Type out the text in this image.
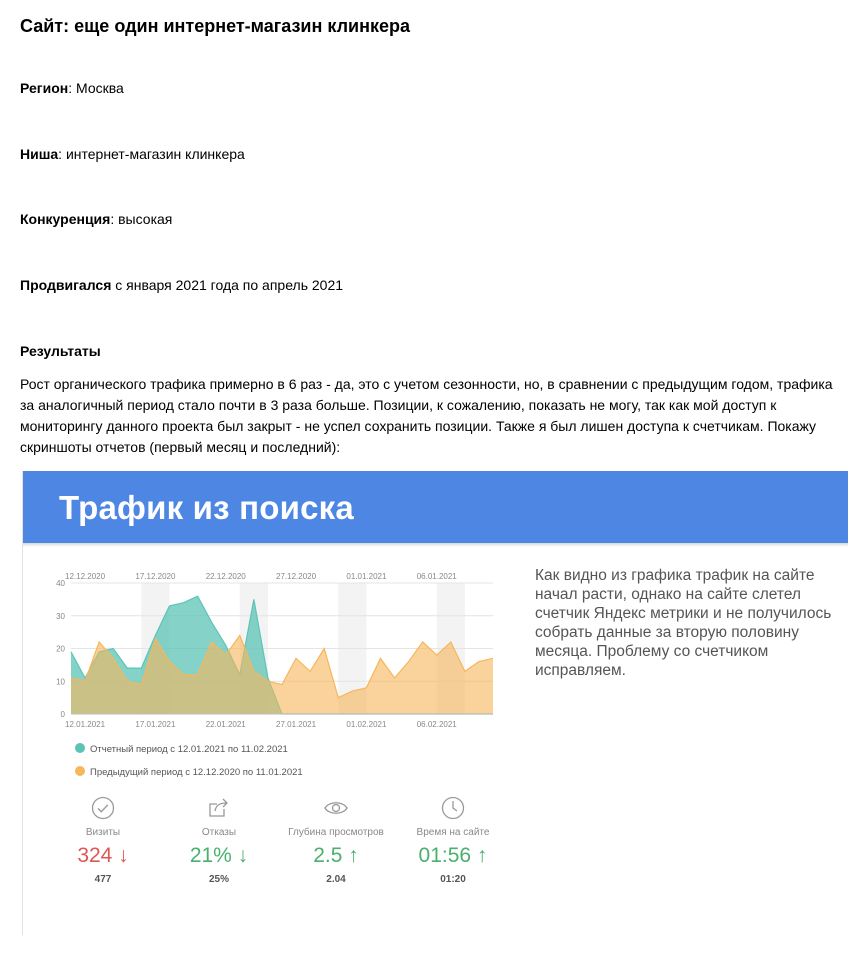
Сайт: еще один интернет-магазин клинкера
Регион: Москва
Ниша: интернет-магазин клинкера
Конкуренция: высокая
Продвигался с января 2021 года по апрель 2021
Результаты
Рост органического трафика примерно в 6 раз - да, это с учетом сезонности, но, в сравнении с предыдущим годом, трафика за аналогичный период стало почти в 3 раза больше. Позиции, к сожалению, показать не могу, так как мой доступ к мониторингу данного проекта был закрыт - не успел сохранить позиции. Также я был лишен доступа к счетчикам. Покажу скриншоты отчетов (первый месяц и последний):
Трафик из поиска
Как видно из графика трафик на сайте начал расти, однако на сайте слетел счетчик Яндекс метрики и не получилось собрать данные за вторую половину месяца. Проблему со счетчиком исправляем.
0
10
20
30
40
12.12.2020	17.12.2020	22.12.2020	27.12.2020	01.01.2021	06.01.2021
12.01.2021	17.01.2021	22.01.2021	27.01.2021	01.02.2021	06.02.2021
Отчетный период с 12.01.2021 по 11.02.2021
Предыдущий период с 12.12.2020 по 11.01.2021
Визиты
324 ↓
477
Отказы
21% ↓
25%
Глубина просмотров
2.5 ↑
2.04
Время на сайте
01:56 ↑
01:20
